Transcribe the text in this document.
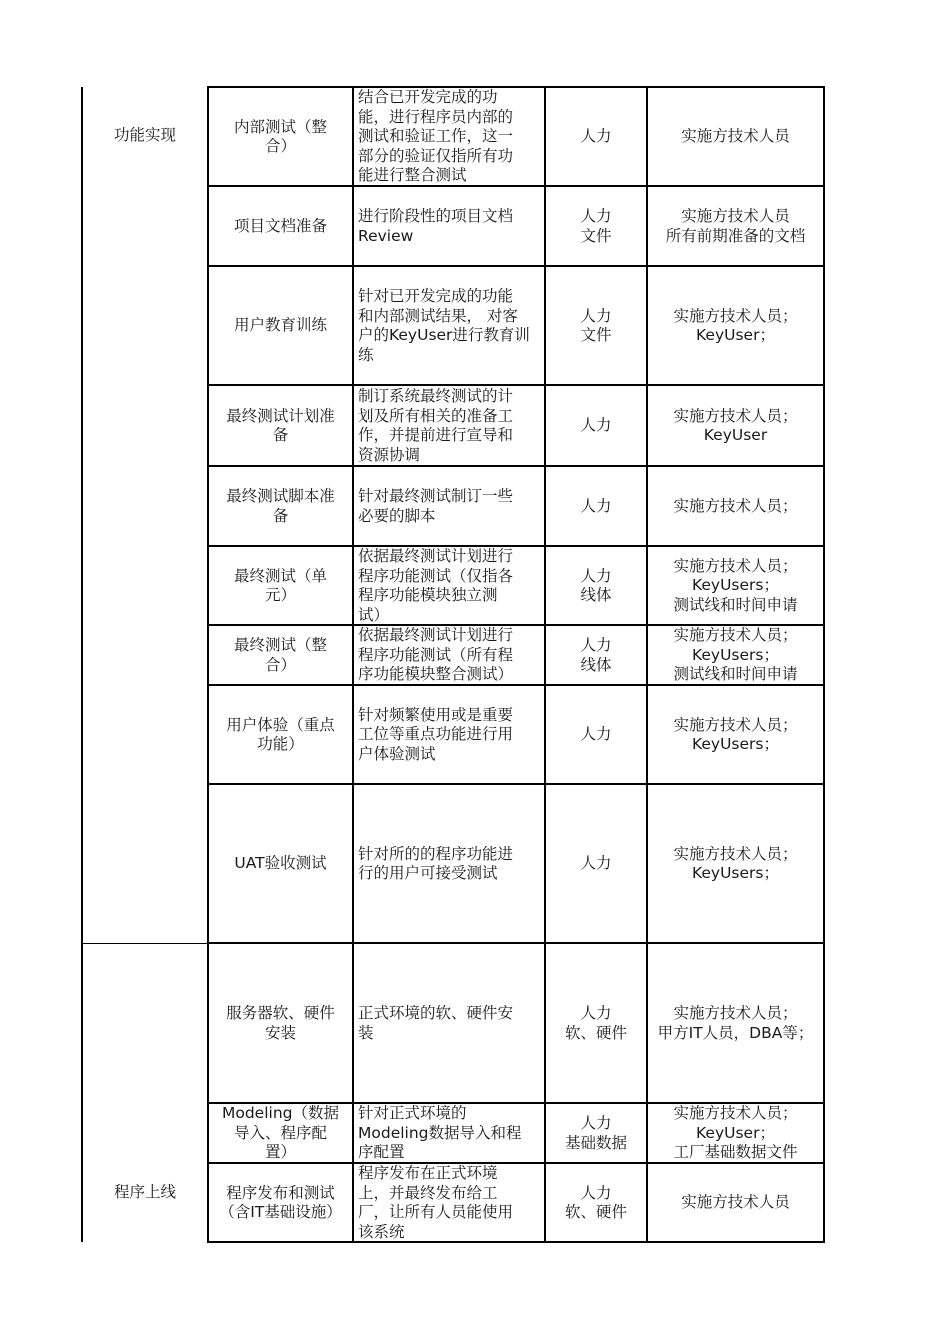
功能实现
程序上线
内部测试（整
合）
结合已开发完成的功
能，进行程序员内部的
测试和验证工作，这一
部分的验证仅指所有功
能进行整合测试
人力	实施方技术人员
项目文档准备
进行阶段性的项目文档
Review
人力
文件
实施方技术人员
所有前期准备的文档
用户教育训练
针对已开发完成的功能
和内部测试结果， 对客
户的KeyUser进行教育训
练
人力
文件
实施方技术人员；
KeyUser；
最终测试计划准
备
制订系统最终测试的计
划及所有相关的准备工
作，并提前进行宣导和
资源协调
人力
实施方技术人员；
KeyUser
最终测试脚本准
备
针对最终测试制订一些
必要的脚本
人力	实施方技术人员；
最终测试（单
元）
依据最终测试计划进行
程序功能测试（仅指各
程序功能模块独立测
试）
人力
线体
实施方技术人员；
KeyUsers；
测试线和时间申请
最终测试（整
合）
依据最终测试计划进行
程序功能测试（所有程
序功能模块整合测试）
人力
线体
实施方技术人员；
KeyUsers；
测试线和时间申请
用户体验（重点
功能）
针对频繁使用或是重要
工位等重点功能进行用
户体验测试
人力
实施方技术人员；
KeyUsers；
UAT验收测试
针对所的的程序功能进
行的用户可接受测试
人力
实施方技术人员；
KeyUsers；
服务器软、硬件
安装
正式环境的软、硬件安
装
人力
软、硬件
实施方技术人员；
甲方IT人员，DBA等；
Modeling（数据
导入、程序配
置）
针对正式环境的
Modeling数据导入和程
序配置
人力
基础数据
实施方技术人员；
KeyUser；
工厂基础数据文件
程序发布和测试
（含IT基础设施）
程序发布在正式环境
上，并最终发布给工
厂，让所有人员能使用
该系统
人力
软、硬件
实施方技术人员
